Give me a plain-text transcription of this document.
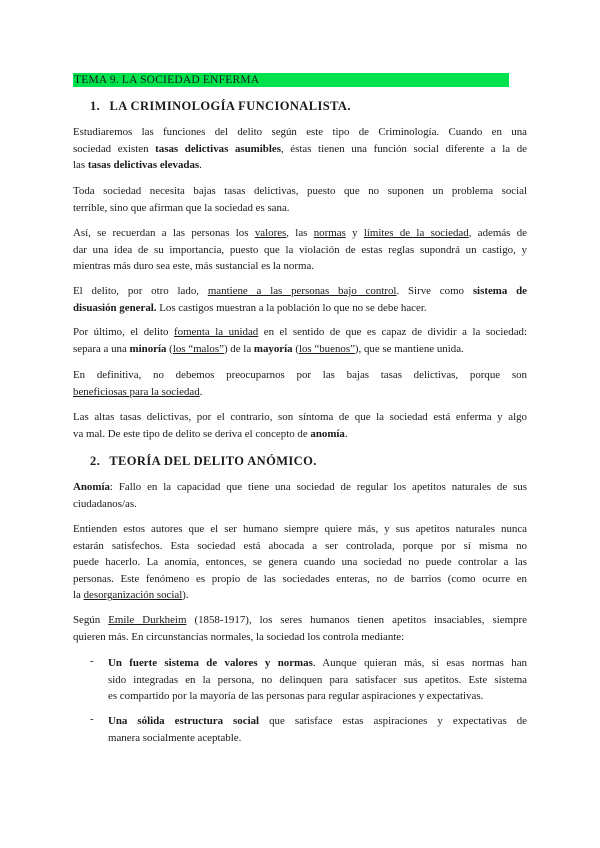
TEMA 9. LA SOCIEDAD ENFERMA
1. LA CRIMINOLOGÍA FUNCIONALISTA.
Estudiaremos las funciones del delito según este tipo de Criminología. Cuando en una
sociedad existen tasas delictivas asumibles, éstas tienen una función social diferente a la de
las tasas delictivas elevadas.
Toda sociedad necesita bajas tasas delictivas, puesto que no suponen un problema social
terrible, sino que afirman que la sociedad es sana.
Así, se recuerdan a las personas los valores, las normas y límites de la sociedad, además de
dar una idea de su importancia, puesto que la violación de estas reglas supondrá un castigo, y
mientras más duro sea este, más sustancial es la norma.
El delito, por otro lado, mantiene a las personas bajo control. Sirve como sistema de
disuasión general. Los castigos muestran a la población lo que no se debe hacer.
Por último, el delito fomenta la unidad en el sentido de que es capaz de dividir a la sociedad:
separa a una minoría (los “malos”) de la mayoría (los “buenos”), que se mantiene unida.
En definitiva, no debemos preocuparnos por las bajas tasas delictivas, porque son
beneficiosas para la sociedad.
Las altas tasas delictivas, por el contrario, son síntoma de que la sociedad está enferma y algo
va mal. De este tipo de delito se deriva el concepto de anomía.
2. TEORÍA DEL DELITO ANÓMICO.
Anomía: Fallo en la capacidad que tiene una sociedad de regular los apetitos naturales de sus
ciudadanos/as.
Entienden estos autores que el ser humano siempre quiere más, y sus apetitos naturales nunca
estarán satisfechos. Esta sociedad está abocada a ser controlada, porque por sí misma no
puede hacerlo. La anomía, entonces, se genera cuando una sociedad no puede controlar a las
personas. Este fenómeno es propio de las sociedades enteras, no de barrios (como ocurre en
la desorganización social).
Según Emile Durkheim (1858-1917), los seres humanos tienen apetitos insaciables, siempre
quieren más. En circunstancias normales, la sociedad los controla mediante:
- Un fuerte sistema de valores y normas. Aunque quieran más, si esas normas han
sido integradas en la persona, no delinquen para satisfacer sus apetitos. Este sistema
es compartido por la mayoría de las personas para regular aspiraciones y expectativas.
- Una sólida estructura social que satisface estas aspiraciones y expectativas de
manera socialmente aceptable.
